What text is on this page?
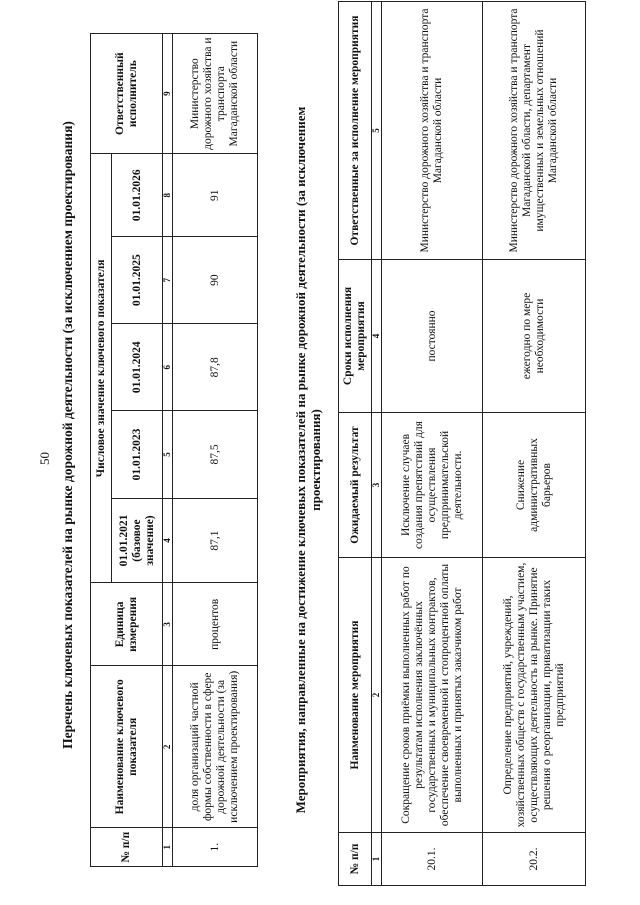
50 Перечень ключевых показателей на рынке дорожной деятельности (за исключением проектирования)
№ п/п	Наименование ключевого показателя	Единица измерения	Числовое значение ключевого показателя					Ответственный исполнитель
			01.01.2021 (базовое значение)	01.01.2023	01.01.2024	01.01.2025	01.01.2026	
1	2	3	4	5	6	7	8	9
1.	доля организаций частной формы собственности в сфере дорожной деятельности (за исключением проектирования)	процентов	87,1	87,5	87,8	90	91	Министерство дорожного хозяйства и транспорта Магаданской области
Мероприятия, направленные на достижение ключевых показателей на рынке дорожной деятельности (за исключением проектирования)
№ п/п	Наименование мероприятия	Ожидаемый результат	Сроки исполнения мероприятия	Ответственные за исполнение мероприятия
1	2	3	4	5
20.1.	Сокращение сроков приёмки выполненных работ по результатам исполнения заключённых государственных и муниципальных контрактов, обеспечение своевременной и стопроцентной оплаты выполненных и принятых заказчиком работ	Исключение случаев создания препятствий для осуществления предпринимательской деятельности.	постоянно	Министерство дорожного хозяйства и транспорта Магаданской области
20.2.	Определение предприятий, учреждений, хозяйственных обществ с государственным участием, осуществляющих деятельность на рынке. Принятие решения о реорганизации, приватизации таких предприятий	Снижение административных барьеров	ежегодно по мере необходимости	Министерство дорожного хозяйства и транспорта Магаданской области, департамент имущественных и земельных отношений Магаданской области
